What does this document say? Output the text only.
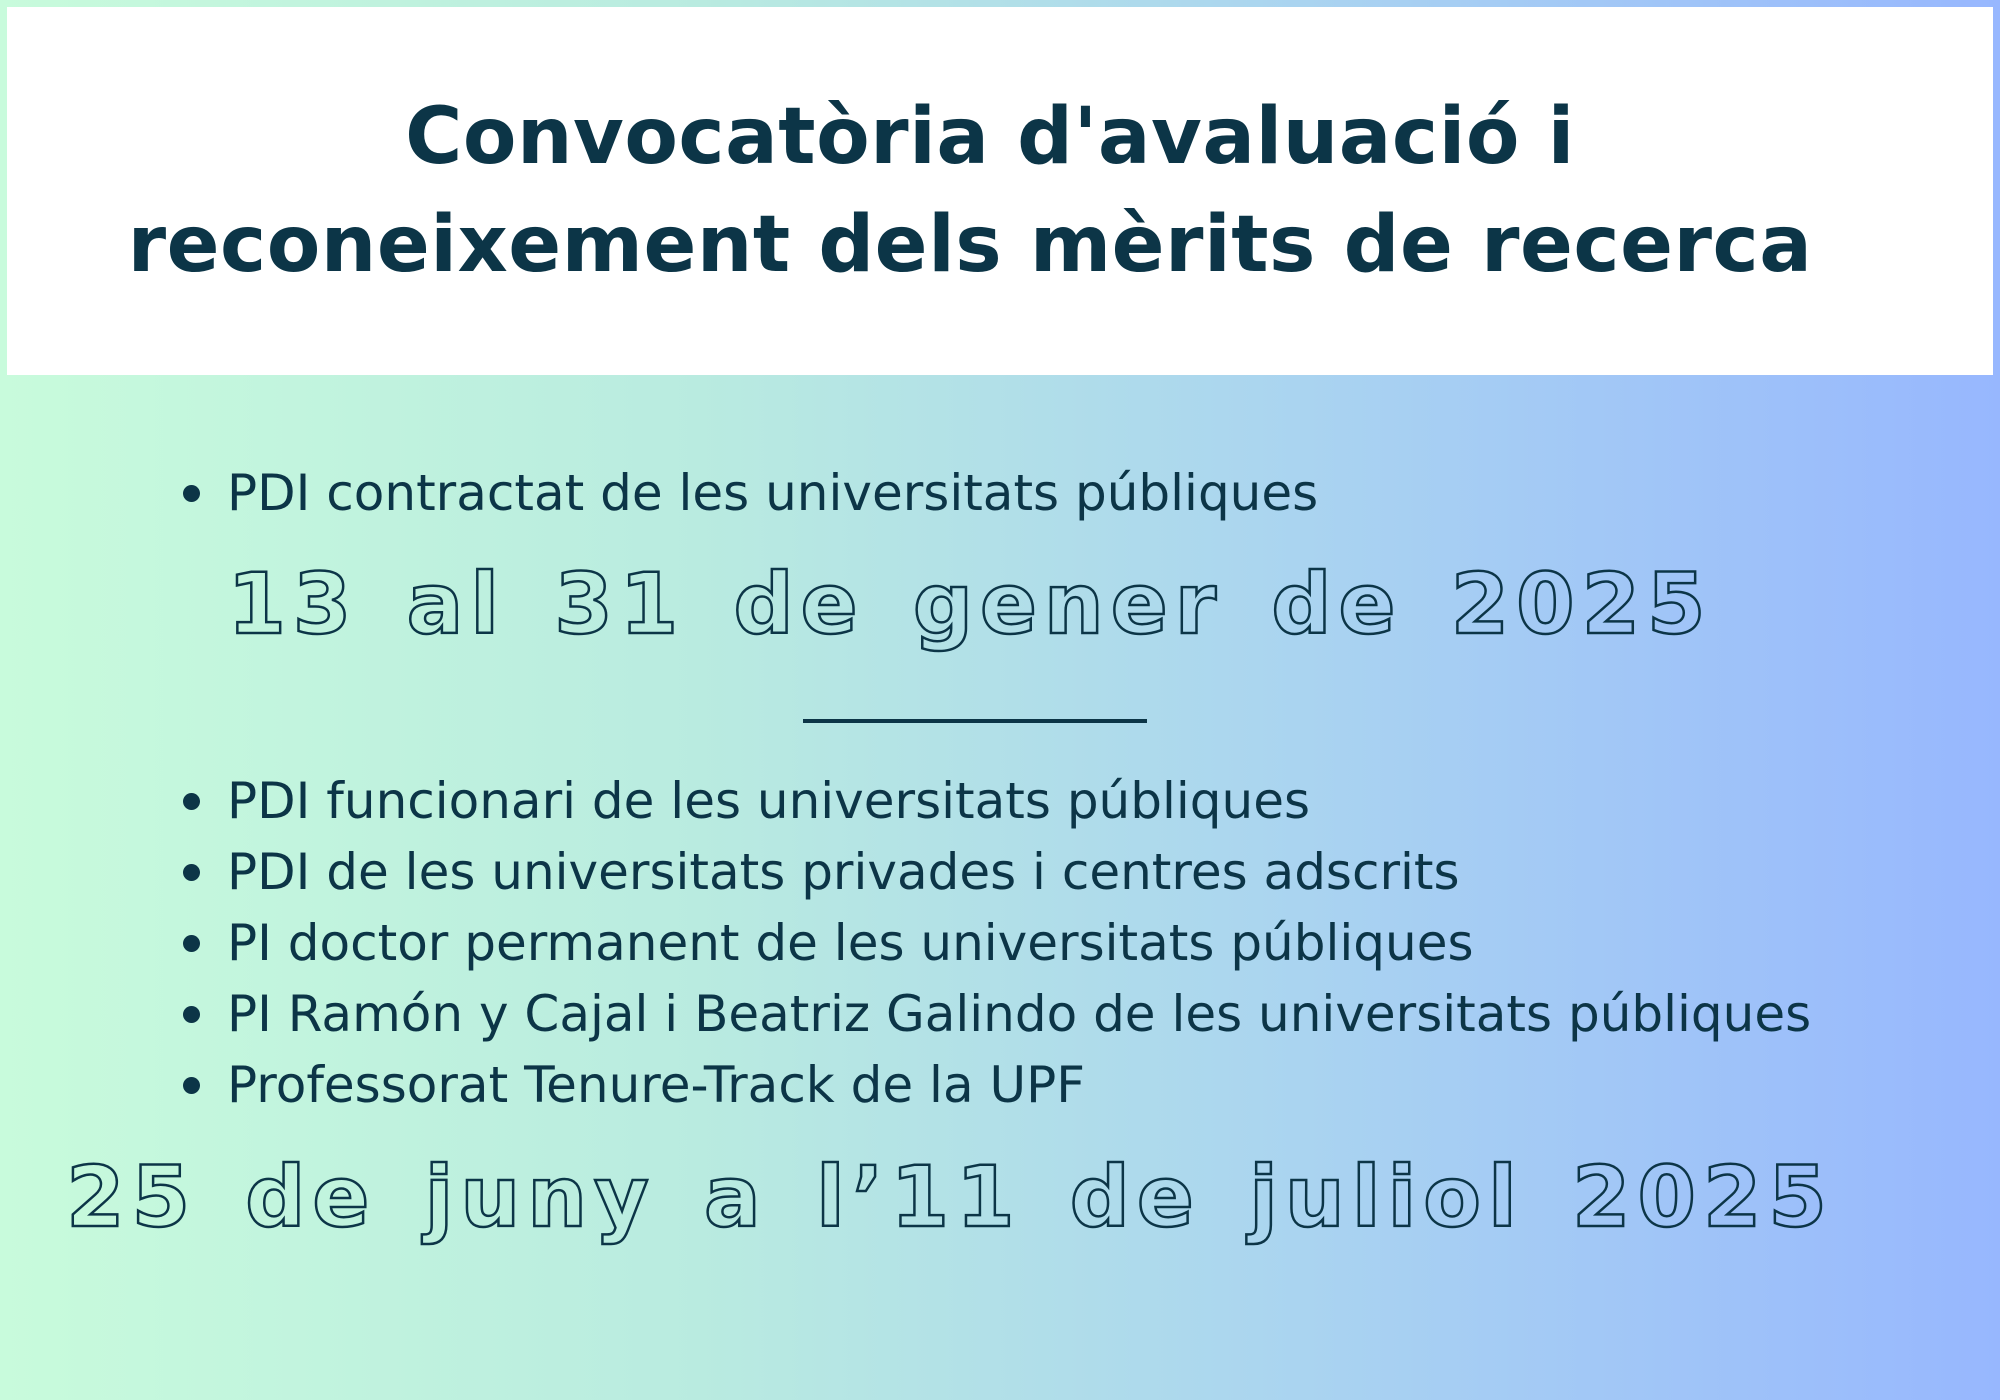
Convocatòria d'avaluació i
reconeixement dels mèrits de recerca
PDI contractat de les universitats públiques
13 al 31 de gener de 2025
PDI funcionari de les universitats públiques
PDI de les universitats privades i centres adscrits
PI doctor permanent de les universitats públiques
PI Ramón y Cajal i Beatriz Galindo de les universitats públiques
Professorat Tenure-Track de la UPF
25 de juny a l’11 de juliol 2025
